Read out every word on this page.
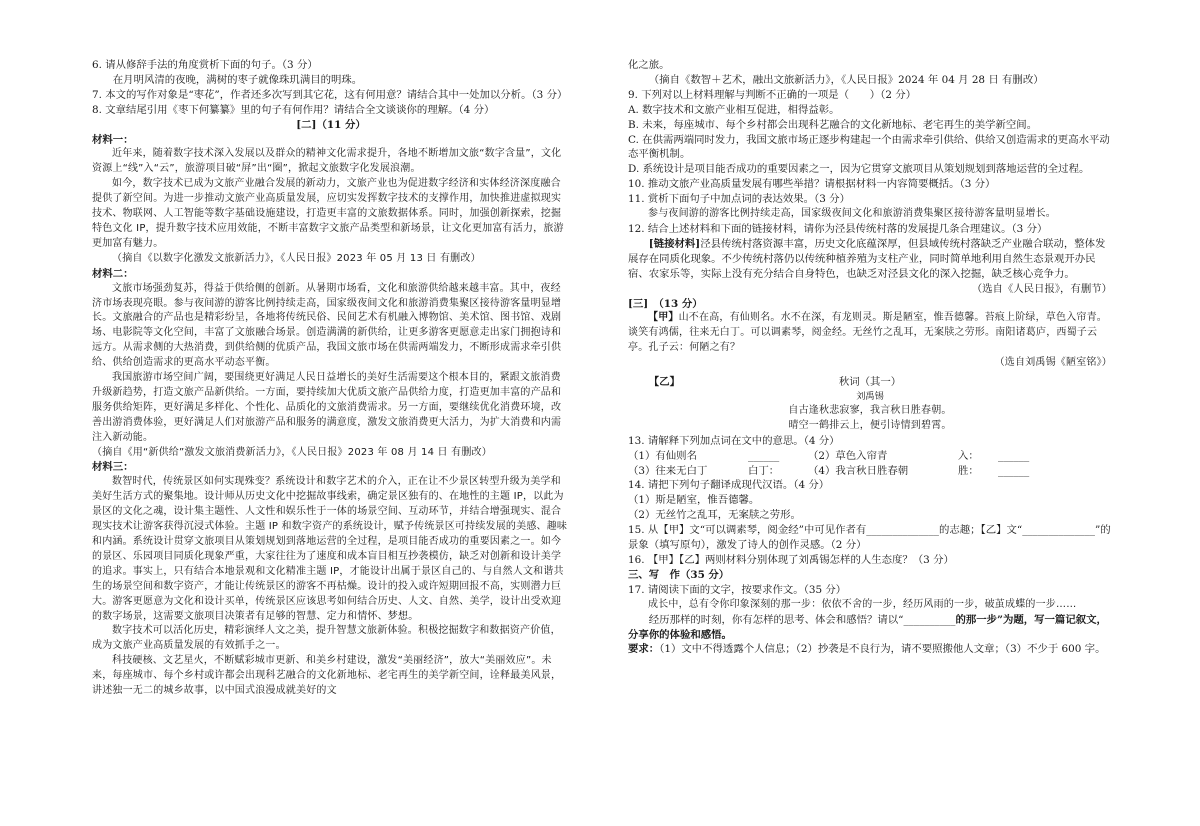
6. 请从修辞手法的角度赏析下面的句子。（3 分）

在月明风清的夜晚，满树的枣子就像珠玑满目的明珠。

7. 本文的写作对象是“枣花”，作者还多次写到其它花，这有何用意？请结合其中一处加以分析。（3 分）

8. 文章结尾引用《枣下何纂纂》里的句子有何作用？请结合全文谈谈你的理解。（4 分）

[二]（11 分）

材料一：

近年来，随着数字技术深入发展以及群众的精神文化需求提升，各地不断增加文旅“数字含量”，文化资源上“线”入“云”，旅游项目破“屏”出“圈”，掀起文旅数字化发展浪潮。

如今，数字技术已成为文旅产业融合发展的新动力，文旅产业也为促进数字经济和实体经济深度融合提供了新空间。为进一步推动文旅产业高质量发展，应切实发挥数字技术的支撑作用，加快推进虚拟现实技术、物联网、人工智能等数字基础设施建设，打造更丰富的文旅数据体系。同时，加强创新探索，挖掘特色文化 IP，提升数字技术应用效能，不断丰富数字文旅产品类型和新场景，让文化更加富有活力，旅游更加富有魅力。

（摘自《以数字化激发文旅新活力》，《人民日报》2023 年 05 月 13 日 有删改）

材料二：

文旅市场强劲复苏，得益于供给侧的创新。从暑期市场看，文化和旅游供给越来越丰富。其中，夜经济市场表现亮眼。参与夜间游的游客比例持续走高，国家级夜间文化和旅游消费集聚区接待游客量明显增长。文旅融合的产品也是精彩纷呈，各地将传统民俗、民间艺术有机融入博物馆、美术馆、图书馆、戏剧场、电影院等文化空间，丰富了文旅融合场景。创造满满的新供给，让更多游客更愿意走出家门拥抱诗和远方。从需求侧的大热消费，到供给侧的优质产品，我国文旅市场在供需两端发力，不断形成需求牵引供给、供给创造需求的更高水平动态平衡。

我国旅游市场空间广阔，要围绕更好满足人民日益增长的美好生活需要这个根本目的，紧跟文旅消费升级新趋势，打造文旅产品新供给。一方面，要持续加大优质文旅产品供给力度，打造更加丰富的产品和服务供给矩阵，更好满足多样化、个性化、品质化的文旅消费需求。另一方面，要继续优化消费环境，改善出游消费体验，更好满足人们对旅游产品和服务的满意度，激发文旅消费更大活力，为扩大消费和内需注入新动能。

（摘自《用“新供给”激发文旅消费新活力》，《人民日报》2023 年 08 月 14 日 有删改）

材料三：

数智时代，传统景区如何实现殊变？系统设计和数字艺术的介入，正在让不少景区转型升级为美学和美好生活方式的聚集地。设计师从历史文化中挖掘故事线索，确定景区独有的、在地性的主题 IP，以此为景区的文化之魂，设计集主题性、人文性和娱乐性于一体的场景空间、互动环节，并结合增强现实、混合现实技术让游客获得沉浸式体验。主题 IP 和数字资产的系统设计，赋予传统景区可持续发展的美感、趣味和内涵。系统设计贯穿文旅项目从策划规划到落地运营的全过程，是项目能否成功的重要因素之一。如今的景区、乐园项目同质化现象严重，大家往往为了速度和成本盲目相互抄袭模仿，缺乏对创新和设计美学的追求。事实上，只有结合本地景观和文化精准主题 IP，才能设计出属于景区自己的、与自然人文和谐共生的场景空间和数字资产，才能让传统景区的游客不再枯燥。设计的投入或许短期回报不高，实则潜力巨大。游客更愿意为文化和设计买单，传统景区应该思考如何结合历史、人文、自然、美学，设计出受欢迎的数字场景，这需要文旅项目决策者有足够的智慧、定力和情怀、梦想。

数字技术可以活化历史，精彩演绎人文之美，提升智慧文旅新体验。积极挖掘数字和数据资产价值，成为文旅产业高质量发展的有效抓手之一。

科技硬核、文艺星火，不断赋彩城市更新、和美乡村建设，激发“美丽经济”，放大“美丽效应”。未来，每座城市、每个乡村或许都会出现科艺融合的文化新地标、老宅再生的美学新空间，诠释最美风景，讲述独一无二的城乡故事，以中国式浪漫成就美好的文

化之旅。

（摘自《数智＋艺术，融出文旅新活力》，《人民日报》2024 年 04 月 28 日 有删改）

9. 下列对以上材料理解与判断不正确的一项是（　　）（2 分）

A. 数字技术和文旅产业相互促进，相得益彰。

B. 未来，每座城市、每个乡村都会出现科艺融合的文化新地标、老宅再生的美学新空间。

C. 在供需两端同时发力，我国文旅市场正逐步构建起一个由需求牵引供给、供给又创造需求的更高水平动态平衡机制。

D. 系统设计是项目能否成功的重要因素之一，因为它贯穿文旅项目从策划规划到落地运营的全过程。

10. 推动文旅产业高质量发展有哪些举措？请根据材料一内容简要概括。（3 分）

11. 赏析下面句子中加点词的表达效果。（3 分）

参与夜间游的游客比例持续走高，国家级夜间文化和旅游消费集聚区接待游客量明显增长。

12. 结合上述材料和下面的链接材料，请你为泾县传统村落的发展提几条合理建议。（3 分）

[链接材料]泾县传统村落资源丰富，历史文化底蕴深厚，但县域传统村落缺乏产业融合联动，整体发展存在同质化现象。不少传统村落仍以传统种植养殖为支柱产业，同时简单地利用自然生态景观开办民宿、农家乐等，实际上没有充分结合自身特色，也缺乏对泾县文化的深入挖掘，缺乏核心竞争力。

（选自《人民日报》，有删节）

[三]　（13 分）

【甲】山不在高，有仙则名。水不在深，有龙则灵。斯是陋室，惟吾德馨。苔痕上阶绿，草色入帘青。谈笑有鸿儒，往来无白丁。可以调素琴，阅金经。无丝竹之乱耳，无案牍之劳形。南阳诸葛庐，西蜀子云亭。孔子云：何陋之有？

（选自刘禹锡《陋室铭》）

【乙】	秋词（其一）

刘禹锡

自古逢秋悲寂寥，我言秋日胜春朝。

晴空一鹤排云上，便引诗情到碧霄。

13. 请解释下列加点词在文中的意思。（4 分）

（1）有仙则名	______	（2）草色入帘青	入：	______
（3）往来无白丁	白丁：	（4）我言秋日胜春朝	胜：	______

14. 请把下列句子翻译成现代汉语。（4 分）

（1）斯是陋室，惟吾德馨。

（2）无丝竹之乱耳，无案牍之劳形。

15. 从【甲】文“可以调素琴，阅金经”中可见作者有______________的志趣；【乙】文“______________”的景象（填写原句），激发了诗人的创作灵感。（2 分）

16. 【甲】【乙】两则材料分别体现了刘禹锡怎样的人生态度？（3 分）

三、写　作（35 分）

17. 请阅读下面的文字，按要求作文。（35 分）

成长中，总有令你印象深刻的那一步：依依不舍的一步，经历风雨的一步，破茧成蝶的一步……

经历那样的时刻，你有怎样的思考、体会和感悟？请以“__________的那一步”为题，写一篇记叙文，分享你的体验和感悟。

要求：（1）文中不得透露个人信息；（2）抄袭是不良行为，请不要照搬他人文章；（3）不少于 600 字。
